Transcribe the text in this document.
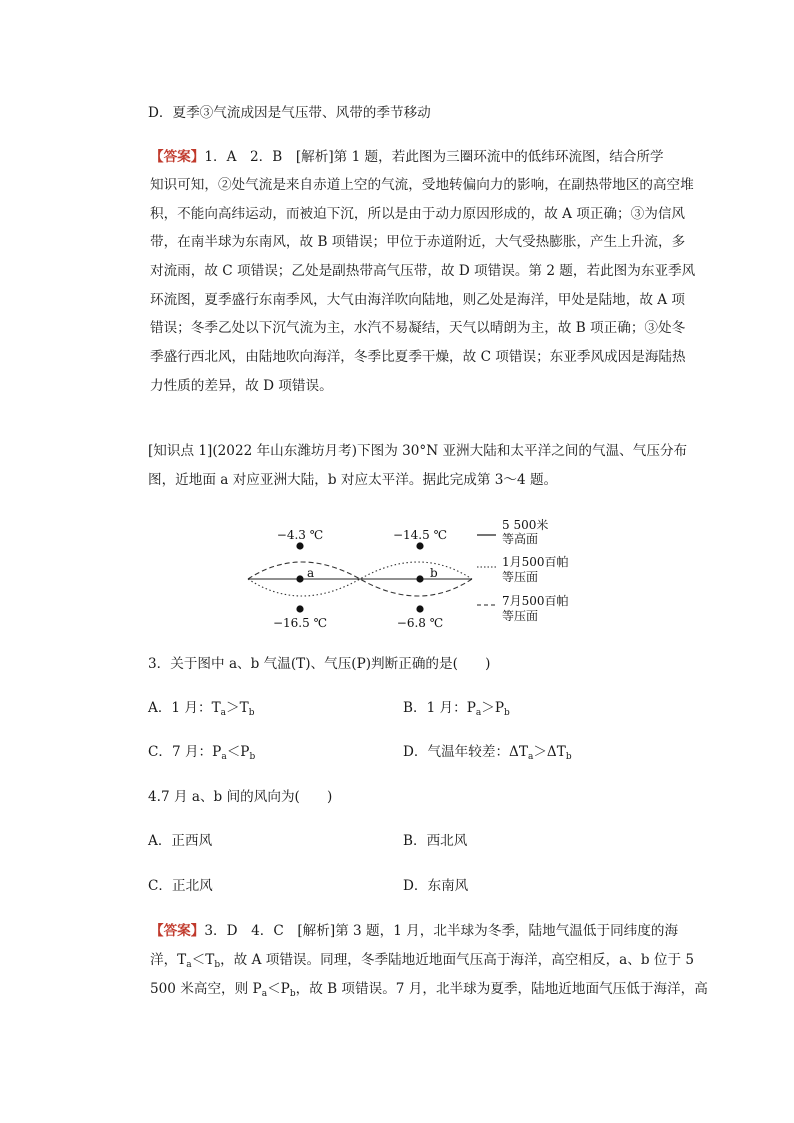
D．夏季③气流成因是气压带、风带的季节移动
【答案】1．A　2．B　[解析]第 1 题，若此图为三圈环流中的低纬环流图，结合所学
知识可知，②处气流是来自赤道上空的气流，受地转偏向力的影响，在副热带地区的高空堆
积，不能向高纬运动，而被迫下沉，所以是由于动力原因形成的，故 A 项正确；③为信风
带，在南半球为东南风，故 B 项错误；甲位于赤道附近，大气受热膨胀，产生上升流，多
对流雨，故 C 项错误；乙处是副热带高气压带，故 D 项错误。第 2 题，若此图为东亚季风
环流图，夏季盛行东南季风，大气由海洋吹向陆地，则乙处是海洋，甲处是陆地，故 A 项
错误；冬季乙处以下沉气流为主，水汽不易凝结，天气以晴朗为主，故 B 项正确；③处冬
季盛行西北风，由陆地吹向海洋，冬季比夏季干燥，故 C 项错误；东亚季风成因是海陆热
力性质的差异，故 D 项错误。
[知识点 1](2022 年山东潍坊月考)下图为 30°N 亚洲大陆和太平洋之间的气温、气压分布
图，近地面 a 对应亚洲大陆，b 对应太平洋。据此完成第 3～4 题。
a	b
−4.3 ℃	−14.5 ℃
−16.5 ℃	−6.8 ℃
5 500米
等高面
1月500百帕
等压面
7月500百帕
等压面
3．关于图中 a、b 气温(T)、气压(P)判断正确的是(　　)
A．1 月：$T_a>T_b$	B．1 月：$P_a>P_b$
C．7 月：$P_a<P_b$	D．气温年较差：$\Delta T_a>\Delta T_b$
4.7 月 a、b 间的风向为(　　)
A．正西风	B．西北风
C．正北风	D．东南风
【答案】3．D　4．C　[解析]第 3 题，1 月，北半球为冬季，陆地气温低于同纬度的海
洋，$T_a<T_b$，故 A 项错误。同理，冬季陆地近地面气压高于海洋，高空相反，a、b 位于 5
500 米高空，则 $P_a<P_b$，故 B 项错误。7 月，北半球为夏季，陆地近地面气压低于海洋，高
